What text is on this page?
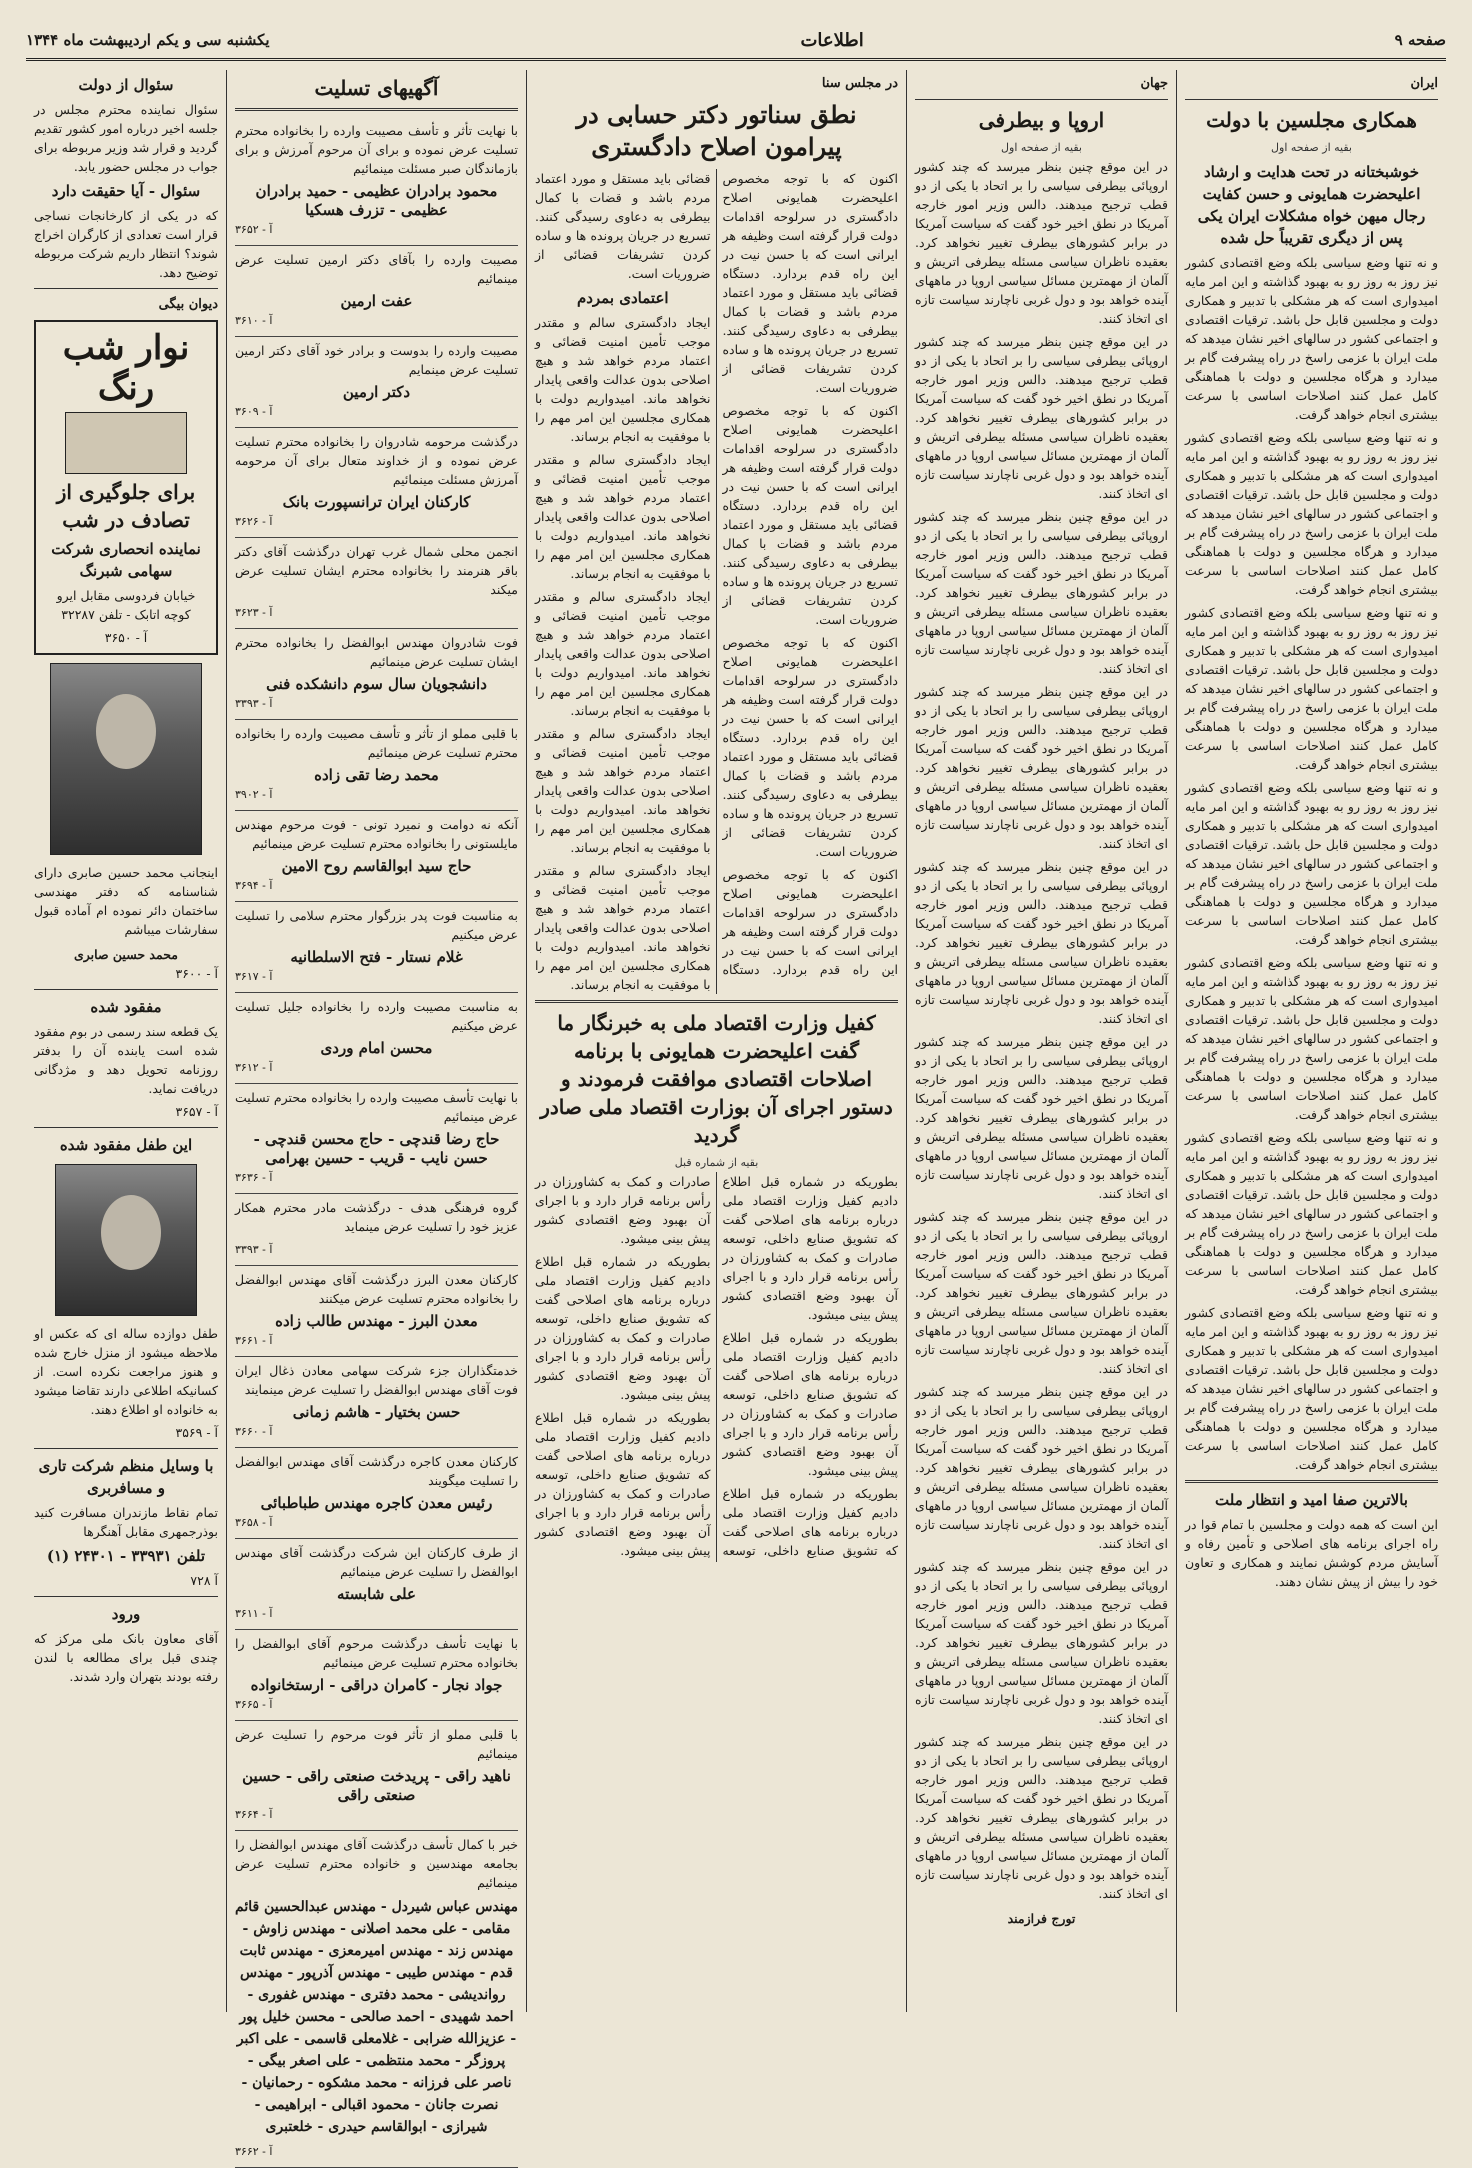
صفحه ۹
اطلاعات
یکشنبه سی و یکم اردیبهشت ماه ۱۳۴۴
ایران
همکاری مجلسین با دولت
بقیه از صفحه اول
خوشبختانه در تحت هدایت و ارشاد اعلیحضرت همایونی و حسن کفایت رجال میهن خواه مشکلات ایران یکی پس از دیگری تقریباً حل شده

و نه تنها وضع سیاسی بلکه وضع اقتصادی کشور نیز روز به روز رو به بهبود گذاشته و این امر مایه امیدواری است که هر مشکلی با تدبیر و همکاری دولت و مجلسین قابل حل باشد. ترقیات اقتصادی و اجتماعی کشور در سالهای اخیر نشان میدهد که ملت ایران با عزمی راسخ در راه پیشرفت گام بر میدارد و هرگاه مجلسین و دولت با هماهنگی کامل عمل کنند اصلاحات اساسی با سرعت بیشتری انجام خواهد گرفت.

و نه تنها وضع سیاسی بلکه وضع اقتصادی کشور نیز روز به روز رو به بهبود گذاشته و این امر مایه امیدواری است که هر مشکلی با تدبیر و همکاری دولت و مجلسین قابل حل باشد. ترقیات اقتصادی و اجتماعی کشور در سالهای اخیر نشان میدهد که ملت ایران با عزمی راسخ در راه پیشرفت گام بر میدارد و هرگاه مجلسین و دولت با هماهنگی کامل عمل کنند اصلاحات اساسی با سرعت بیشتری انجام خواهد گرفت.

و نه تنها وضع سیاسی بلکه وضع اقتصادی کشور نیز روز به روز رو به بهبود گذاشته و این امر مایه امیدواری است که هر مشکلی با تدبیر و همکاری دولت و مجلسین قابل حل باشد. ترقیات اقتصادی و اجتماعی کشور در سالهای اخیر نشان میدهد که ملت ایران با عزمی راسخ در راه پیشرفت گام بر میدارد و هرگاه مجلسین و دولت با هماهنگی کامل عمل کنند اصلاحات اساسی با سرعت بیشتری انجام خواهد گرفت.

و نه تنها وضع سیاسی بلکه وضع اقتصادی کشور نیز روز به روز رو به بهبود گذاشته و این امر مایه امیدواری است که هر مشکلی با تدبیر و همکاری دولت و مجلسین قابل حل باشد. ترقیات اقتصادی و اجتماعی کشور در سالهای اخیر نشان میدهد که ملت ایران با عزمی راسخ در راه پیشرفت گام بر میدارد و هرگاه مجلسین و دولت با هماهنگی کامل عمل کنند اصلاحات اساسی با سرعت بیشتری انجام خواهد گرفت.

و نه تنها وضع سیاسی بلکه وضع اقتصادی کشور نیز روز به روز رو به بهبود گذاشته و این امر مایه امیدواری است که هر مشکلی با تدبیر و همکاری دولت و مجلسین قابل حل باشد. ترقیات اقتصادی و اجتماعی کشور در سالهای اخیر نشان میدهد که ملت ایران با عزمی راسخ در راه پیشرفت گام بر میدارد و هرگاه مجلسین و دولت با هماهنگی کامل عمل کنند اصلاحات اساسی با سرعت بیشتری انجام خواهد گرفت.

و نه تنها وضع سیاسی بلکه وضع اقتصادی کشور نیز روز به روز رو به بهبود گذاشته و این امر مایه امیدواری است که هر مشکلی با تدبیر و همکاری دولت و مجلسین قابل حل باشد. ترقیات اقتصادی و اجتماعی کشور در سالهای اخیر نشان میدهد که ملت ایران با عزمی راسخ در راه پیشرفت گام بر میدارد و هرگاه مجلسین و دولت با هماهنگی کامل عمل کنند اصلاحات اساسی با سرعت بیشتری انجام خواهد گرفت.

و نه تنها وضع سیاسی بلکه وضع اقتصادی کشور نیز روز به روز رو به بهبود گذاشته و این امر مایه امیدواری است که هر مشکلی با تدبیر و همکاری دولت و مجلسین قابل حل باشد. ترقیات اقتصادی و اجتماعی کشور در سالهای اخیر نشان میدهد که ملت ایران با عزمی راسخ در راه پیشرفت گام بر میدارد و هرگاه مجلسین و دولت با هماهنگی کامل عمل کنند اصلاحات اساسی با سرعت بیشتری انجام خواهد گرفت.

بالاترین صفا امید و انتظار ملت

این است که همه دولت و مجلسین با تمام قوا در راه اجرای برنامه های اصلاحی و تأمین رفاه و آسایش مردم کوشش نمایند و همکاری و تعاون خود را بیش از پیش نشان دهند.

جهان
اروپا و بیطرفی
بقیه از صفحه اول

در این موقع چنین بنظر میرسد که چند کشور اروپائی بیطرفی سیاسی را بر اتحاد با یکی از دو قطب ترجیح میدهند. دالس وزیر امور خارجه آمریکا در نطق اخیر خود گفت که سیاست آمریکا در برابر کشورهای بیطرف تغییر نخواهد کرد. بعقیده ناظران سیاسی مسئله بیطرفی اتریش و آلمان از مهمترین مسائل سیاسی اروپا در ماههای آینده خواهد بود و دول غربی ناچارند سیاست تازه ای اتخاذ کنند.

در این موقع چنین بنظر میرسد که چند کشور اروپائی بیطرفی سیاسی را بر اتحاد با یکی از دو قطب ترجیح میدهند. دالس وزیر امور خارجه آمریکا در نطق اخیر خود گفت که سیاست آمریکا در برابر کشورهای بیطرف تغییر نخواهد کرد. بعقیده ناظران سیاسی مسئله بیطرفی اتریش و آلمان از مهمترین مسائل سیاسی اروپا در ماههای آینده خواهد بود و دول غربی ناچارند سیاست تازه ای اتخاذ کنند.

در این موقع چنین بنظر میرسد که چند کشور اروپائی بیطرفی سیاسی را بر اتحاد با یکی از دو قطب ترجیح میدهند. دالس وزیر امور خارجه آمریکا در نطق اخیر خود گفت که سیاست آمریکا در برابر کشورهای بیطرف تغییر نخواهد کرد. بعقیده ناظران سیاسی مسئله بیطرفی اتریش و آلمان از مهمترین مسائل سیاسی اروپا در ماههای آینده خواهد بود و دول غربی ناچارند سیاست تازه ای اتخاذ کنند.

در این موقع چنین بنظر میرسد که چند کشور اروپائی بیطرفی سیاسی را بر اتحاد با یکی از دو قطب ترجیح میدهند. دالس وزیر امور خارجه آمریکا در نطق اخیر خود گفت که سیاست آمریکا در برابر کشورهای بیطرف تغییر نخواهد کرد. بعقیده ناظران سیاسی مسئله بیطرفی اتریش و آلمان از مهمترین مسائل سیاسی اروپا در ماههای آینده خواهد بود و دول غربی ناچارند سیاست تازه ای اتخاذ کنند.

در این موقع چنین بنظر میرسد که چند کشور اروپائی بیطرفی سیاسی را بر اتحاد با یکی از دو قطب ترجیح میدهند. دالس وزیر امور خارجه آمریکا در نطق اخیر خود گفت که سیاست آمریکا در برابر کشورهای بیطرف تغییر نخواهد کرد. بعقیده ناظران سیاسی مسئله بیطرفی اتریش و آلمان از مهمترین مسائل سیاسی اروپا در ماههای آینده خواهد بود و دول غربی ناچارند سیاست تازه ای اتخاذ کنند.

در این موقع چنین بنظر میرسد که چند کشور اروپائی بیطرفی سیاسی را بر اتحاد با یکی از دو قطب ترجیح میدهند. دالس وزیر امور خارجه آمریکا در نطق اخیر خود گفت که سیاست آمریکا در برابر کشورهای بیطرف تغییر نخواهد کرد. بعقیده ناظران سیاسی مسئله بیطرفی اتریش و آلمان از مهمترین مسائل سیاسی اروپا در ماههای آینده خواهد بود و دول غربی ناچارند سیاست تازه ای اتخاذ کنند.

در این موقع چنین بنظر میرسد که چند کشور اروپائی بیطرفی سیاسی را بر اتحاد با یکی از دو قطب ترجیح میدهند. دالس وزیر امور خارجه آمریکا در نطق اخیر خود گفت که سیاست آمریکا در برابر کشورهای بیطرف تغییر نخواهد کرد. بعقیده ناظران سیاسی مسئله بیطرفی اتریش و آلمان از مهمترین مسائل سیاسی اروپا در ماههای آینده خواهد بود و دول غربی ناچارند سیاست تازه ای اتخاذ کنند.

در این موقع چنین بنظر میرسد که چند کشور اروپائی بیطرفی سیاسی را بر اتحاد با یکی از دو قطب ترجیح میدهند. دالس وزیر امور خارجه آمریکا در نطق اخیر خود گفت که سیاست آمریکا در برابر کشورهای بیطرف تغییر نخواهد کرد. بعقیده ناظران سیاسی مسئله بیطرفی اتریش و آلمان از مهمترین مسائل سیاسی اروپا در ماههای آینده خواهد بود و دول غربی ناچارند سیاست تازه ای اتخاذ کنند.

در این موقع چنین بنظر میرسد که چند کشور اروپائی بیطرفی سیاسی را بر اتحاد با یکی از دو قطب ترجیح میدهند. دالس وزیر امور خارجه آمریکا در نطق اخیر خود گفت که سیاست آمریکا در برابر کشورهای بیطرف تغییر نخواهد کرد. بعقیده ناظران سیاسی مسئله بیطرفی اتریش و آلمان از مهمترین مسائل سیاسی اروپا در ماههای آینده خواهد بود و دول غربی ناچارند سیاست تازه ای اتخاذ کنند.

در این موقع چنین بنظر میرسد که چند کشور اروپائی بیطرفی سیاسی را بر اتحاد با یکی از دو قطب ترجیح میدهند. دالس وزیر امور خارجه آمریکا در نطق اخیر خود گفت که سیاست آمریکا در برابر کشورهای بیطرف تغییر نخواهد کرد. بعقیده ناظران سیاسی مسئله بیطرفی اتریش و آلمان از مهمترین مسائل سیاسی اروپا در ماههای آینده خواهد بود و دول غربی ناچارند سیاست تازه ای اتخاذ کنند.

تورج فرازمند
در مجلس سنا
نطق سناتور دکتر حسابی در پیرامون اصلاح دادگستری

اکنون که با توجه مخصوص اعلیحضرت همایونی اصلاح دادگستری در سرلوحه اقدامات دولت قرار گرفته است وظیفه هر ایرانی است که با حسن نیت در این راه قدم بردارد. دستگاه قضائی باید مستقل و مورد اعتماد مردم باشد و قضات با کمال بیطرفی به دعاوی رسیدگی کنند. تسریع در جریان پرونده ها و ساده کردن تشریفات قضائی از ضروریات است.

اکنون که با توجه مخصوص اعلیحضرت همایونی اصلاح دادگستری در سرلوحه اقدامات دولت قرار گرفته است وظیفه هر ایرانی است که با حسن نیت در این راه قدم بردارد. دستگاه قضائی باید مستقل و مورد اعتماد مردم باشد و قضات با کمال بیطرفی به دعاوی رسیدگی کنند. تسریع در جریان پرونده ها و ساده کردن تشریفات قضائی از ضروریات است.

اکنون که با توجه مخصوص اعلیحضرت همایونی اصلاح دادگستری در سرلوحه اقدامات دولت قرار گرفته است وظیفه هر ایرانی است که با حسن نیت در این راه قدم بردارد. دستگاه قضائی باید مستقل و مورد اعتماد مردم باشد و قضات با کمال بیطرفی به دعاوی رسیدگی کنند. تسریع در جریان پرونده ها و ساده کردن تشریفات قضائی از ضروریات است.

اکنون که با توجه مخصوص اعلیحضرت همایونی اصلاح دادگستری در سرلوحه اقدامات دولت قرار گرفته است وظیفه هر ایرانی است که با حسن نیت در این راه قدم بردارد. دستگاه قضائی باید مستقل و مورد اعتماد مردم باشد و قضات با کمال بیطرفی به دعاوی رسیدگی کنند. تسریع در جریان پرونده ها و ساده کردن تشریفات قضائی از ضروریات است.

اعتمادی بمردم

ایجاد دادگستری سالم و مقتدر موجب تأمین امنیت قضائی و اعتماد مردم خواهد شد و هیچ اصلاحی بدون عدالت واقعی پایدار نخواهد ماند. امیدواریم دولت با همکاری مجلسین این امر مهم را با موفقیت به انجام برساند.

ایجاد دادگستری سالم و مقتدر موجب تأمین امنیت قضائی و اعتماد مردم خواهد شد و هیچ اصلاحی بدون عدالت واقعی پایدار نخواهد ماند. امیدواریم دولت با همکاری مجلسین این امر مهم را با موفقیت به انجام برساند.

ایجاد دادگستری سالم و مقتدر موجب تأمین امنیت قضائی و اعتماد مردم خواهد شد و هیچ اصلاحی بدون عدالت واقعی پایدار نخواهد ماند. امیدواریم دولت با همکاری مجلسین این امر مهم را با موفقیت به انجام برساند.

ایجاد دادگستری سالم و مقتدر موجب تأمین امنیت قضائی و اعتماد مردم خواهد شد و هیچ اصلاحی بدون عدالت واقعی پایدار نخواهد ماند. امیدواریم دولت با همکاری مجلسین این امر مهم را با موفقیت به انجام برساند.

ایجاد دادگستری سالم و مقتدر موجب تأمین امنیت قضائی و اعتماد مردم خواهد شد و هیچ اصلاحی بدون عدالت واقعی پایدار نخواهد ماند. امیدواریم دولت با همکاری مجلسین این امر مهم را با موفقیت به انجام برساند.

کفیل وزارت اقتصاد ملی به خبرنگار ما گفت اعلیحضرت همایونی با برنامه اصلاحات اقتصادی موافقت فرمودند و دستور اجرای آن بوزارت اقتصاد ملی صادر گردید
بقیه از شماره قبل

بطوریکه در شماره قبل اطلاع دادیم کفیل وزارت اقتصاد ملی درباره برنامه های اصلاحی گفت که تشویق صنایع داخلی، توسعه صادرات و کمک به کشاورزان در رأس برنامه قرار دارد و با اجرای آن بهبود وضع اقتصادی کشور پیش بینی میشود.

بطوریکه در شماره قبل اطلاع دادیم کفیل وزارت اقتصاد ملی درباره برنامه های اصلاحی گفت که تشویق صنایع داخلی، توسعه صادرات و کمک به کشاورزان در رأس برنامه قرار دارد و با اجرای آن بهبود وضع اقتصادی کشور پیش بینی میشود.

بطوریکه در شماره قبل اطلاع دادیم کفیل وزارت اقتصاد ملی درباره برنامه های اصلاحی گفت که تشویق صنایع داخلی، توسعه صادرات و کمک به کشاورزان در رأس برنامه قرار دارد و با اجرای آن بهبود وضع اقتصادی کشور پیش بینی میشود.

بطوریکه در شماره قبل اطلاع دادیم کفیل وزارت اقتصاد ملی درباره برنامه های اصلاحی گفت که تشویق صنایع داخلی، توسعه صادرات و کمک به کشاورزان در رأس برنامه قرار دارد و با اجرای آن بهبود وضع اقتصادی کشور پیش بینی میشود.

بطوریکه در شماره قبل اطلاع دادیم کفیل وزارت اقتصاد ملی درباره برنامه های اصلاحی گفت که تشویق صنایع داخلی، توسعه صادرات و کمک به کشاورزان در رأس برنامه قرار دارد و با اجرای آن بهبود وضع اقتصادی کشور پیش بینی میشود.

آگهیهای تسلیت

با نهایت تأثر و تأسف مصیبت وارده را بخانواده محترم تسلیت عرض نموده و برای آن مرحوم آمرزش و برای بازماندگان صبر مسئلت مینمائیم

محمود برادران عظیمی - حمید برادران عظیمی - تزرف هسکیا
آ - ۳۶۵۲

مصیبت وارده را بآقای دکتر ارمین تسلیت عرض مینمائیم

عفت ارمین
آ - ۳۶۱۰

مصیبت وارده را بدوست و برادر خود آقای دکتر ارمین تسلیت عرض مینمایم

دکتر ارمین
آ - ۳۶۰۹

درگذشت مرحومه شادروان را بخانواده محترم تسلیت عرض نموده و از خداوند متعال برای آن مرحومه آمرزش مسئلت مینمائیم

کارکنان ایران ترانسپورت بانک
آ - ۳۶۲۶

انجمن محلی شمال غرب تهران درگذشت آقای دکتر باقر هنرمند را بخانواده محترم ایشان تسلیت عرض میکند

آ - ۳۶۲۳

فوت شادروان مهندس ابوالفضل را بخانواده محترم ایشان تسلیت عرض مینمائیم

دانشجویان سال سوم دانشکده فنی
آ - ۳۳۹۳

با قلبی مملو از تأثر و تأسف مصیبت وارده را بخانواده محترم تسلیت عرض مینمائیم

محمد رضا تقی زاده
آ - ۳۹۰۲

آنکه نه دوامت و نمیرد تونی - فوت مرحوم مهندس مایلستونی را بخانواده محترم تسلیت عرض مینمائیم

حاج سید ابوالقاسم روح الامین
آ - ۳۶۹۴

به مناسبت فوت پدر بزرگوار محترم سلامی را تسلیت عرض میکنیم

غلام نستار - فتح الاسلطانیه
آ - ۳۶۱۷

به مناسبت مصیبت وارده را بخانواده جلیل تسلیت عرض میکنیم

محسن امام وردی
آ - ۳۶۱۲

با نهایت تأسف مصیبت وارده را بخانواده محترم تسلیت عرض مینمائیم

حاج رضا قندچی - حاج محسن قندچی - حسن نایب - قریب - حسین بهرامی
آ - ۳۶۳۶

گروه فرهنگی هدف - درگذشت مادر محترم همکار عزیز خود را تسلیت عرض مینماید

آ - ۳۳۹۳

کارکنان معدن البرز درگذشت آقای مهندس ابوالفضل را بخانواده محترم تسلیت عرض میکنند

معدن البرز - مهندس طالب زاده
آ - ۳۶۶۱

خدمتگذاران جزء شرکت سهامی معادن ذغال ایران فوت آقای مهندس ابوالفضل را تسلیت عرض مینمایند

حسن بختیار - هاشم زمانی
آ - ۳۶۶۰

کارکنان معدن کاجره درگذشت آقای مهندس ابوالفضل را تسلیت میگویند

رئیس معدن کاجره مهندس طباطبائی
آ - ۳۶۵۸

از طرف کارکنان این شرکت درگذشت آقای مهندس ابوالفضل را تسلیت عرض مینمائیم

علی شابسته
آ - ۳۶۱۱

با نهایت تأسف درگذشت مرحوم آقای ابوالفضل را بخانواده محترم تسلیت عرض مینمائیم

جواد نجار - کامران دراقی - ارستخانواده
آ - ۳۶۶۵

با قلبی مملو از تأثر فوت مرحوم را تسلیت عرض مینمائیم

ناهید راقی - پریدخت صنعتی راقی - حسین صنعتی راقی
آ - ۳۶۶۴

خبر با کمال تأسف درگذشت آقای مهندس ابوالفضل را بجامعه مهندسین و خانواده محترم تسلیت عرض مینمائیم

مهندس عباس شیردل - مهندس عبدالحسین قائم مقامی - علی محمد اصلانی - مهندس زاوش - مهندس زند - مهندس امیرمعزی - مهندس ثابت قدم - مهندس طیبی - مهندس آذرپور - مهندس رواندیشی - محمد دفتری - مهندس غفوری - احمد شهیدی - احمد صالحی - محسن خلیل پور - عزیزالله ضرابی - غلامعلی قاسمی - علی اکبر پروزگر - محمد منتظمی - علی اصغر بیگی - ناصر علی فرزانه - محمد مشکوه - رحمانیان - نصرت جانان - محمود اقبالی - ابراهیمی - شیرازی - ابوالقاسم حیدری - خلعتبری
آ - ۳۶۶۲
سئوال از دولت

سئوال نماینده محترم مجلس در جلسه اخیر درباره امور کشور تقدیم گردید و قرار شد وزیر مربوطه برای جواب در مجلس حضور یابد.

سئوال - آیا حقیقت دارد

که در یکی از کارخانجات نساجی قرار است تعدادی از کارگران اخراج شوند؟ انتظار داریم شرکت مربوطه توضیح دهد.

دیوان بیگی
نوار شب رنگ
برای جلوگیری از تصادف در شب
نماینده انحصاری شرکت سهامی شبرنگ

خیابان فردوسی مقابل ایرو کوچه اتابک - تلفن ۳۲۲۸۷

آ - ۳۶۵۰

اینجانب محمد حسین صابری دارای شناسنامه که دفتر مهندسی ساختمان دائر نموده ام آماده قبول سفارشات میباشم

محمد حسین صابری
آ - ۳۶۰۰
مفقود شده

یک قطعه سند رسمی در بوم مفقود شده است یابنده آن را بدفتر روزنامه تحویل دهد و مژدگانی دریافت نماید.

آ - ۳۶۵۷
این طفل مفقود شده

طفل دوازده ساله ای که عکس او ملاحظه میشود از منزل خارج شده و هنوز مراجعت نکرده است. از کسانیکه اطلاعی دارند تقاضا میشود به خانواده او اطلاع دهند.

آ - ۳۵۶۹
با وسایل منظم شرکت تاری و مسافربری

تمام نقاط مازندران مسافرت کنید بوذرجمهری مقابل آهنگرها

تلفن ۳۳۹۳۱ - ۲۴۳۰۱ (۱)
آ ۷۲۸
ورود

آقای معاون بانک ملی مرکز که چندی قبل برای مطالعه با لندن رفته بودند بتهران وارد شدند.
